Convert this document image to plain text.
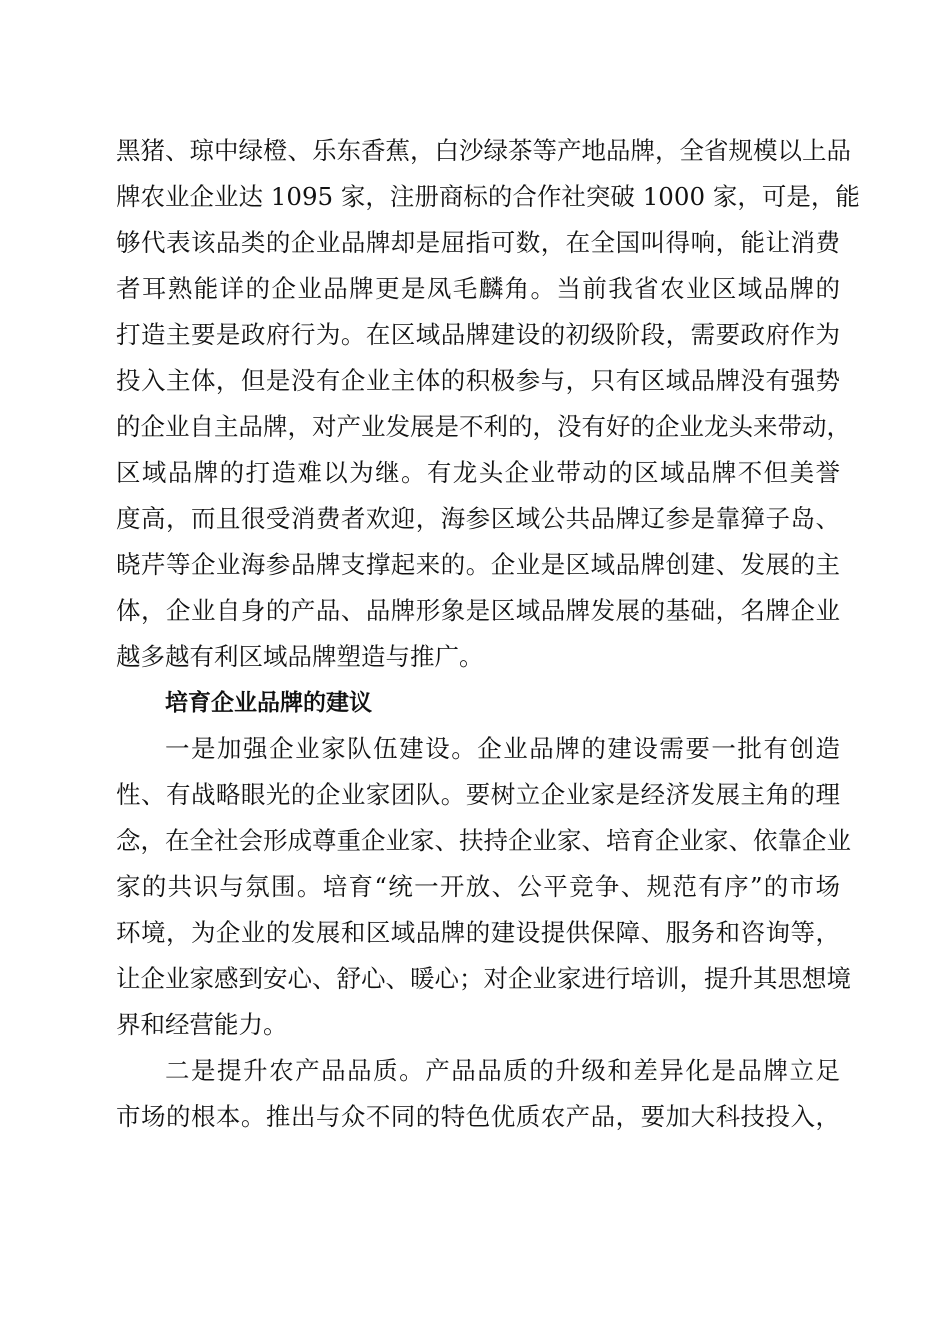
黑猪、琼中绿橙、乐东香蕉，白沙绿茶等产地品牌，全省规模以上品
牌农业企业达 1095 家，注册商标的合作社突破 1000 家，可是，能
够代表该品类的企业品牌却是屈指可数，在全国叫得响，能让消费
者耳熟能详的企业品牌更是凤毛麟角。当前我省农业区域品牌的
打造主要是政府行为。在区域品牌建设的初级阶段，需要政府作为
投入主体，但是没有企业主体的积极参与，只有区域品牌没有强势
的企业自主品牌，对产业发展是不利的，没有好的企业龙头来带动，
区域品牌的打造难以为继。有龙头企业带动的区域品牌不但美誉
度高，而且很受消费者欢迎，海参区域公共品牌辽参是靠獐子岛、
晓芹等企业海参品牌支撑起来的。企业是区域品牌创建、发展的主
体，企业自身的产品、品牌形象是区域品牌发展的基础，名牌企业
越多越有利区域品牌塑造与推广。
培育企业品牌的建议
一是加强企业家队伍建设。企业品牌的建设需要一批有创造
性、有战略眼光的企业家团队。要树立企业家是经济发展主角的理
念，在全社会形成尊重企业家、扶持企业家、培育企业家、依靠企业
家的共识与氛围。培育“统一开放、公平竞争、规范有序”的市场
环境，为企业的发展和区域品牌的建设提供保障、服务和咨询等，
让企业家感到安心、舒心、暖心；对企业家进行培训，提升其思想境
界和经营能力。
二是提升农产品品质。产品品质的升级和差异化是品牌立足
市场的根本。推出与众不同的特色优质农产品，要加大科技投入，
